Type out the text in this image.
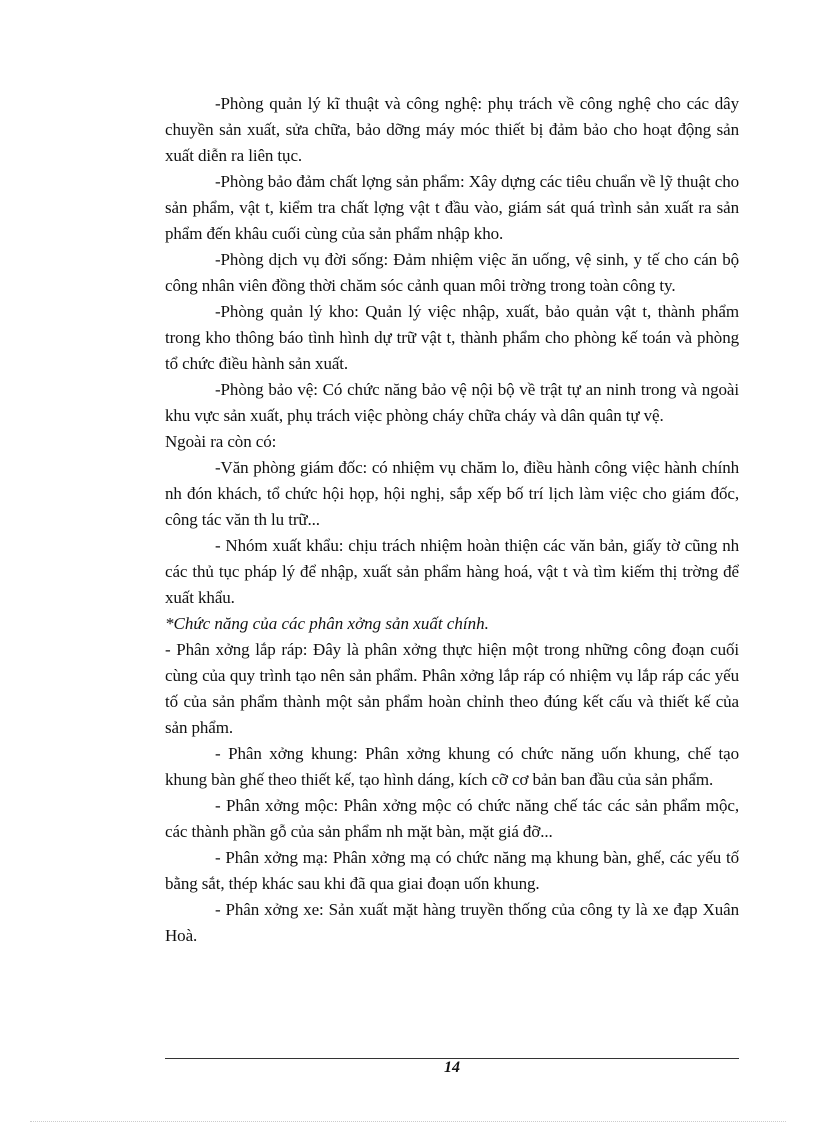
-Phòng quản lý kĩ thuật và công nghệ: phụ trách về công nghệ cho các dây chuyền sản xuất, sửa chữa, bảo dỡng máy móc thiết bị đảm bảo cho hoạt động sản xuất diễn ra liên tục.

-Phòng bảo đảm chất lợng sản phẩm: Xây dựng các tiêu chuẩn về lỹ thuật cho sản phẩm, vật t, kiểm tra chất lợng vật t đầu vào, giám sát quá trình sản xuất ra sản phẩm đến khâu cuối cùng của sản phẩm nhập kho.

-Phòng dịch vụ đời sống: Đảm nhiệm việc ăn uống, vệ sinh, y tế cho cán bộ công nhân viên đồng thời chăm sóc cảnh quan môi trờng trong toàn công ty.

-Phòng quản lý kho: Quản lý việc nhập, xuất, bảo quản vật t, thành phẩm trong kho thông báo tình hình dự trữ vật t, thành phẩm cho phòng kế toán và phòng tổ chức điều hành sản xuất.

-Phòng bảo vệ: Có chức năng bảo vệ nội bộ về trật tự an ninh trong và ngoài khu vực sản xuất, phụ trách việc phòng cháy chữa cháy và dân quân tự vệ.

Ngoài ra còn có:

-Văn phòng giám đốc: có nhiệm vụ chăm lo, điều hành công việc hành chính nh đón khách, tổ chức hội họp, hội nghị, sắp xếp bố trí lịch làm việc cho giám đốc, công tác văn th lu trữ...

- Nhóm xuất khẩu: chịu trách nhiệm hoàn thiện các văn bản, giấy tờ cũng nh các thủ tục pháp lý để nhập, xuất sản phẩm hàng hoá, vật t và tìm kiếm thị trờng để xuất khẩu.

*Chức năng của các phân xởng sản xuất chính.

- Phân xởng lắp ráp: Đây là phân xởng thực hiện một trong những công đoạn cuối cùng của quy trình tạo nên sản phẩm. Phân xởng lắp ráp có nhiệm vụ lắp ráp các yếu tố của sản phẩm thành một sản phẩm hoàn chỉnh theo đúng kết cấu và thiết kế của sản phẩm.

- Phân xởng khung: Phân xởng khung có chức năng uốn khung, chế tạo khung bàn ghế theo thiết kế, tạo hình dáng, kích cỡ cơ bản ban đầu của sản phẩm.

- Phân xởng mộc: Phân xởng mộc có chức năng chế tác các sản phẩm mộc, các thành phần gỗ của sản phẩm nh mặt bàn, mặt giá đỡ...

- Phân xởng mạ: Phân xởng mạ có chức năng mạ khung bàn, ghế, các yếu tố bằng sắt, thép khác sau khi đã qua giai đoạn uốn khung.

- Phân xởng xe: Sản xuất mặt hàng truyền thống của công ty là xe đạp Xuân Hoà.

14
